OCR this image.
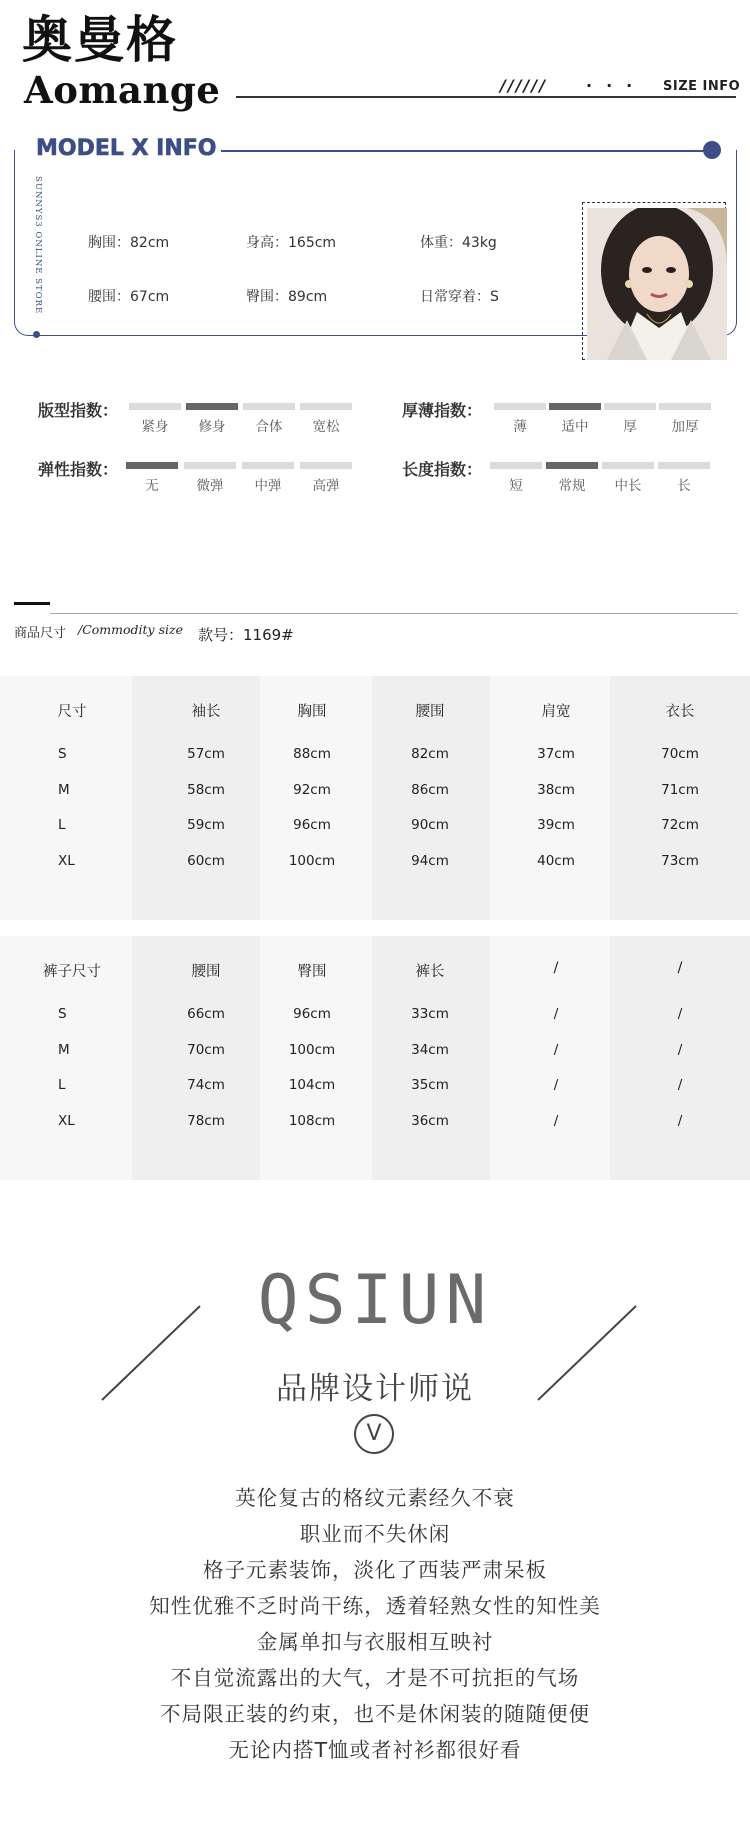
奥曼格
Aomange	////// ... SIZE INFO
MODEL X INFO
SUNNYS3 ONLINE STORE	胸围：82cm	身高：165cm	体重：43kg
腰围：67cm	臀围：89cm	日常穿着：S
版型指数：
紧身	修身	合体	宽松
厚薄指数：
薄	适中	厚	加厚
弹性指数：
无	微弹	中弹	高弹
长度指数：
短	常规	中长	长
商品尺寸 /Commodity size 款号：1169#
尺寸	袖长	胸围	腰围	肩宽	衣长
S	57cm	88cm	82cm	37cm	70cm
M	58cm	92cm	86cm	38cm	71cm
L	59cm	96cm	90cm	39cm	72cm
XL	60cm	100cm	94cm	40cm	73cm
裤子尺寸	腰围	臀围	裤长	/	/
S	66cm	96cm	33cm	/	/
M	70cm	100cm	34cm	/	/
L	74cm	104cm	35cm	/	/
XL	78cm	108cm	36cm	/	/
QSIUN
品牌设计师说
V
英伦复古的格纹元素经久不衰
职业而不失休闲
格子元素装饰，淡化了西装严肃呆板
知性优雅不乏时尚干练，透着轻熟女性的知性美
金属单扣与衣服相互映衬
不自觉流露出的大气，才是不可抗拒的气场
不局限正装的约束，也不是休闲装的随随便便
无论内搭T恤或者衬衫都很好看
